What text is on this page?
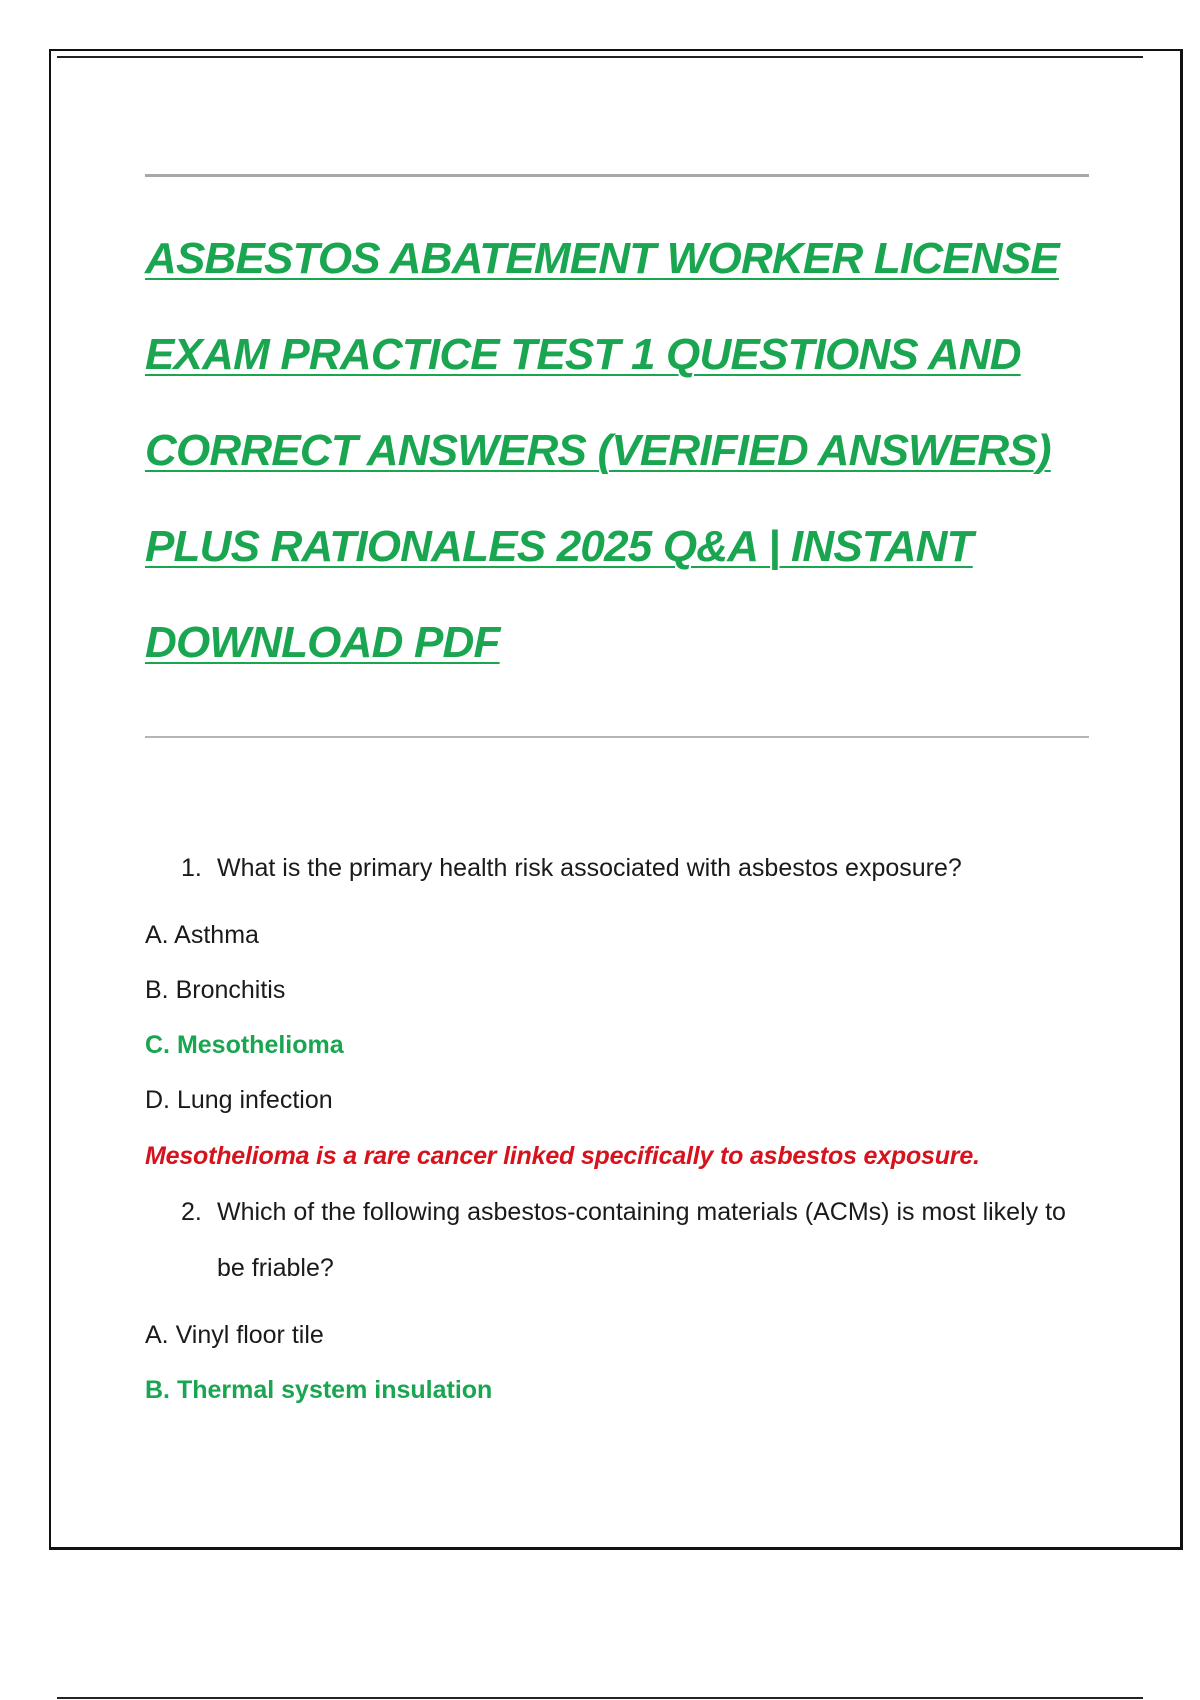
ASBESTOS ABATEMENT WORKER LICENSE
EXAM PRACTICE TEST 1 QUESTIONS AND
CORRECT ANSWERS (VERIFIED ANSWERS)
PLUS RATIONALES 2025 Q&A | INSTANT
DOWNLOAD PDF
1. What is the primary health risk associated with asbestos exposure?
A. Asthma
B. Bronchitis
C. Mesothelioma
D. Lung infection
Mesothelioma is a rare cancer linked specifically to asbestos exposure.
2. Which of the following asbestos-containing materials (ACMs) is most likely to be friable?
A. Vinyl floor tile
B. Thermal system insulation
